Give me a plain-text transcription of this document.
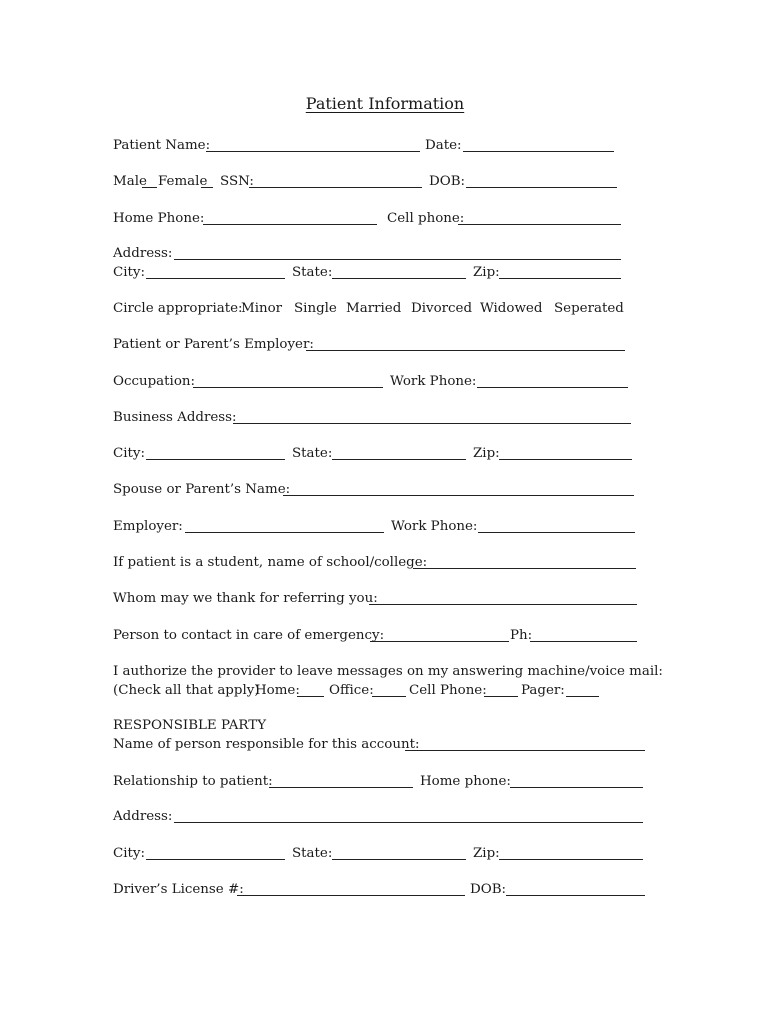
Patient Information
Patient Name:	Date:
Male Female SSN:	DOB:
Home Phone:	Cell phone:
Address:
City:	State:	Zip:
Circle appropriate:
Minor Single Married Divorced Widowed Seperated
Patient or Parent’s Employer:
Occupation:	Work Phone:
Business Address:
City:	State:	Zip:
Spouse or Parent’s Name:
Employer:	Work Phone:
If patient is a student, name of school/college:
Whom may we thank for referring you:
Person to contact in care of emergency:	Ph:
I authorize the provider to leave messages on my answering machine/voice mail:
(Check all that apply)
Home: Office:	Cell Phone:	Pager:
RESPONSIBLE PARTY
Name of person responsible for this account:
Relationship to patient:	Home phone:
Address:
City:	State:	Zip:
Driver’s License #:	DOB:
